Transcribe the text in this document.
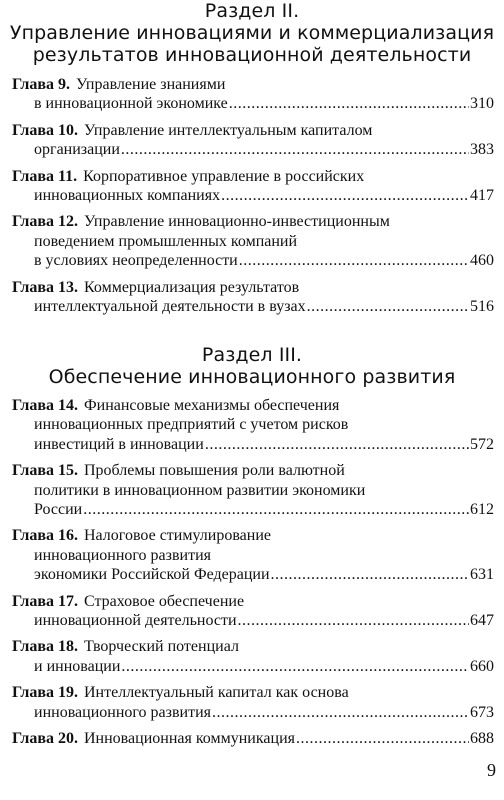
Раздел II.
Управление инновациями и коммерциализация
результатов инновационной деятельности
Глава 9. Управление знаниями
в инновационной экономике .....	310
Глава 10. Управление интеллектуальным капиталом
организации .....	383
Глава 11. Корпоративное управление в российских
инновационных компаниях .....	417
Глава 12. Управление инновационно-инвестиционным
поведением промышленных компаний
в условиях неопределенности .....	460
Глава 13. Коммерциализация результатов
интеллектуальной деятельности в вузах .....	516
Раздел III.
Обеспечение инновационного развития
Глава 14. Финансовые механизмы обеспечения
инновационных предприятий с учетом рисков
инвестиций в инновации .....	572
Глава 15. Проблемы повышения роли валютной
политики в инновационном развитии экономики
России .....	612
Глава 16. Налоговое стимулирование
инновационного развития
экономики Российской Федерации .....	631
Глава 17. Страховое обеспечение
инновационной деятельности .....	647
Глава 18. Творческий потенциал
и инновации .....	660
Глава 19. Интеллектуальный капитал как основа
инновационного развития .....	673
Глава 20. Инновационная коммуникация .....	688
9
